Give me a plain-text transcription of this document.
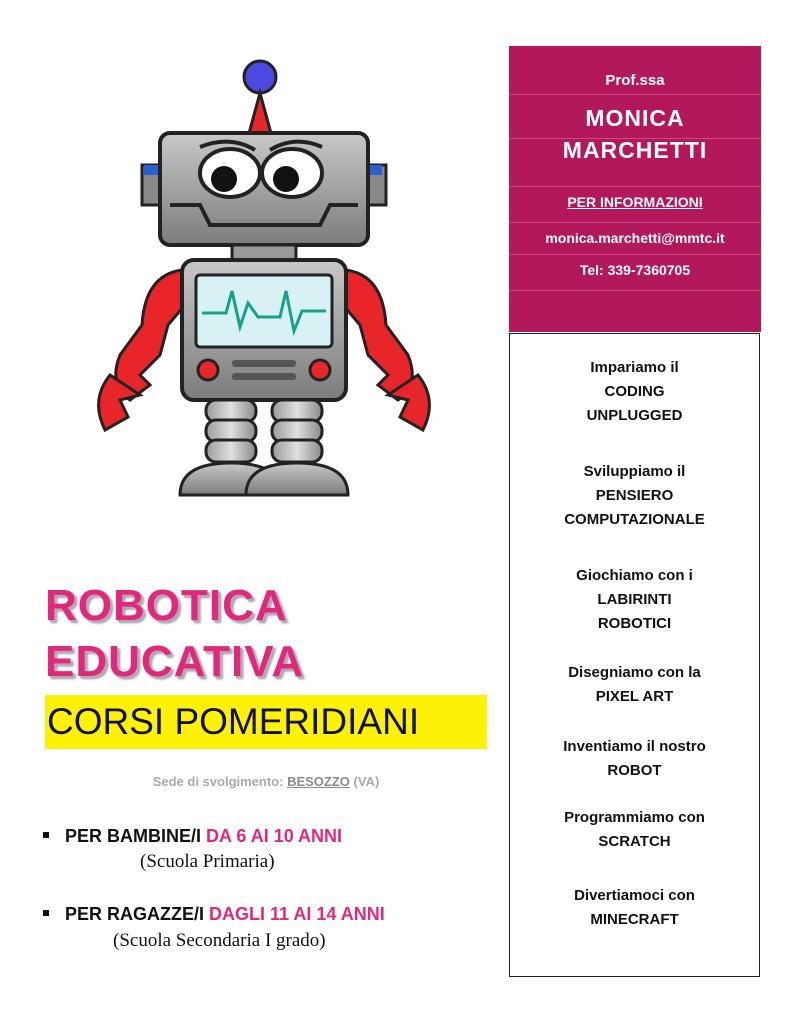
ROBOTICA
EDUCATIVA
CORSI POMERIDIANI
Sede di svolgimento: BESOZZO (VA)
PER BAMBINE/I DA 6 AI 10 ANNI
(Scuola Primaria)
PER RAGAZZE/I DAGLI 11 AI 14 ANNI
(Scuola Secondaria I grado)
Prof.ssa
MONICA
MARCHETTI
PER INFORMAZIONI
monica.marchetti@mmtc.it
Tel: 339-7360705
Impariamo il
CODING
UNPLUGGED
Sviluppiamo il
PENSIERO
COMPUTAZIONALE
Giochiamo con i
LABIRINTI
ROBOTICI
Disegniamo con la
PIXEL ART
Inventiamo il nostro
ROBOT
Programmiamo con
SCRATCH
Divertiamoci con
MINECRAFT
